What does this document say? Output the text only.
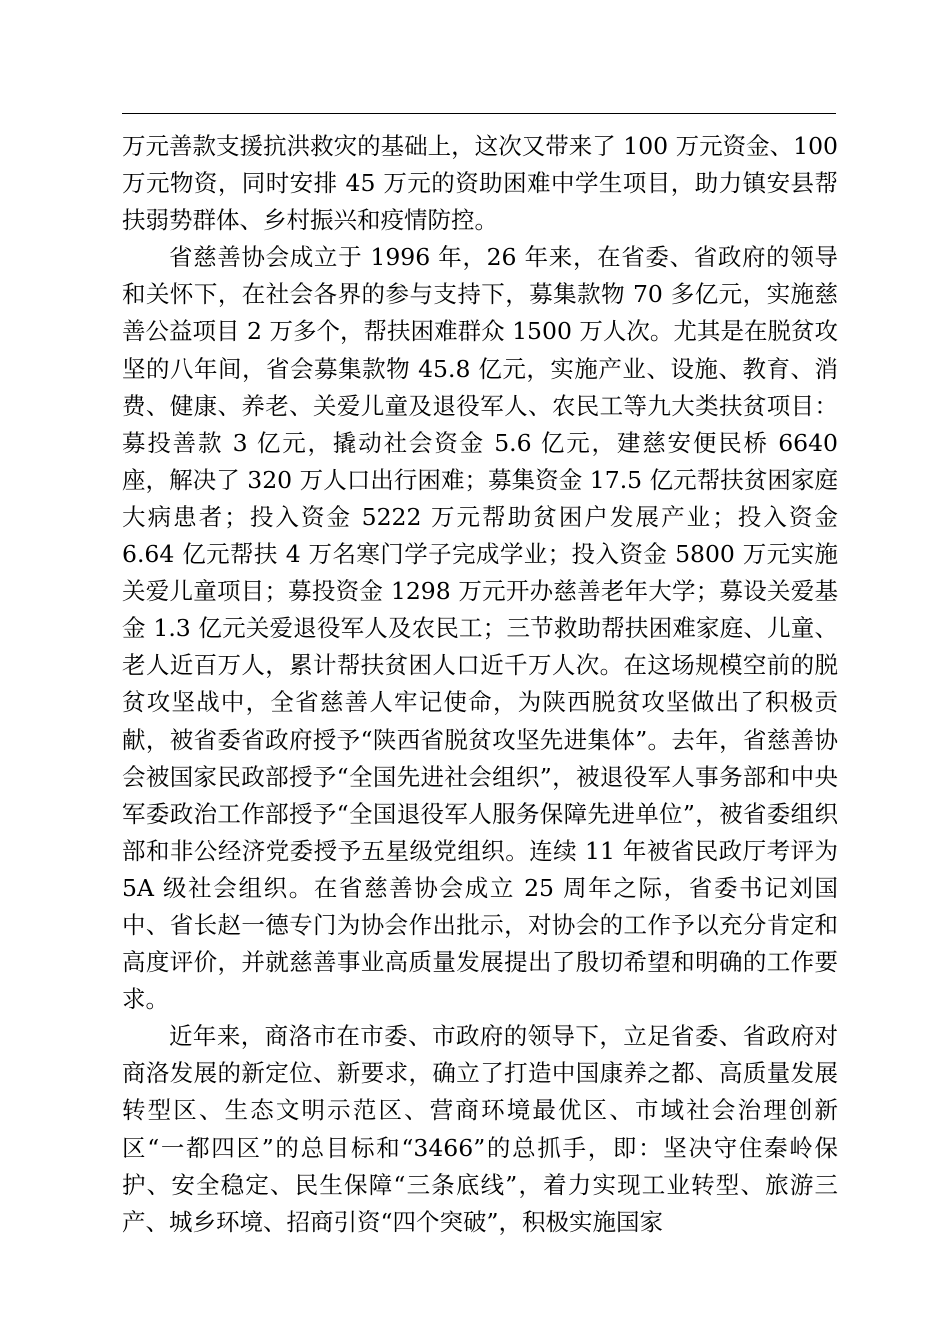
万元善款支援抗洪救灾的基础上，这次又带来了 100 万元资金、100 万元物资，同时安排 45 万元的资助困难中学生项目，助力镇安县帮扶弱势群体、乡村振兴和疫情防控。

省慈善协会成立于 1996 年，26 年来，在省委、省政府的领导和关怀下，在社会各界的参与支持下，募集款物 70 多亿元，实施慈善公益项目 2 万多个，帮扶困难群众 1500 万人次。尤其是在脱贫攻坚的八年间，省会募集款物 45.8 亿元，实施产业、设施、教育、消费、健康、养老、关爱儿童及退役军人、农民工等九大类扶贫项目：募投善款 3 亿元，撬动社会资金 5.6 亿元，建慈安便民桥 6640 座，解决了 320 万人口出行困难；募集资金 17.5 亿元帮扶贫困家庭大病患者；投入资金 5222 万元帮助贫困户发展产业；投入资金 6.64 亿元帮扶 4 万名寒门学子完成学业；投入资金 5800 万元实施关爱儿童项目；募投资金 1298 万元开办慈善老年大学；募设关爱基金 1.3 亿元关爱退役军人及农民工；三节救助帮扶困难家庭、儿童、老人近百万人，累计帮扶贫困人口近千万人次。在这场规模空前的脱贫攻坚战中，全省慈善人牢记使命，为陕西脱贫攻坚做出了积极贡献，被省委省政府授予“陕西省脱贫攻坚先进集体”。去年，省慈善协会被国家民政部授予“全国先进社会组织”，被退役军人事务部和中央军委政治工作部授予“全国退役军人服务保障先进单位”，被省委组织部和非公经济党委授予五星级党组织。连续 11 年被省民政厅考评为 5A 级社会组织。在省慈善协会成立 25 周年之际，省委书记刘国中、省长赵一德专门为协会作出批示，对协会的工作予以充分肯定和高度评价，并就慈善事业高质量发展提出了殷切希望和明确的工作要求。

近年来，商洛市在市委、市政府的领导下，立足省委、省政府对商洛发展的新定位、新要求，确立了打造中国康养之都、高质量发展转型区、生态文明示范区、营商环境最优区、市域社会治理创新区“一都四区”的总目标和“3466”的总抓手，即：坚决守住秦岭保护、安全稳定、民生保障“三条底线”，着力实现工业转型、旅游三产、城乡环境、招商引资“四个突破”，积极实施国家
